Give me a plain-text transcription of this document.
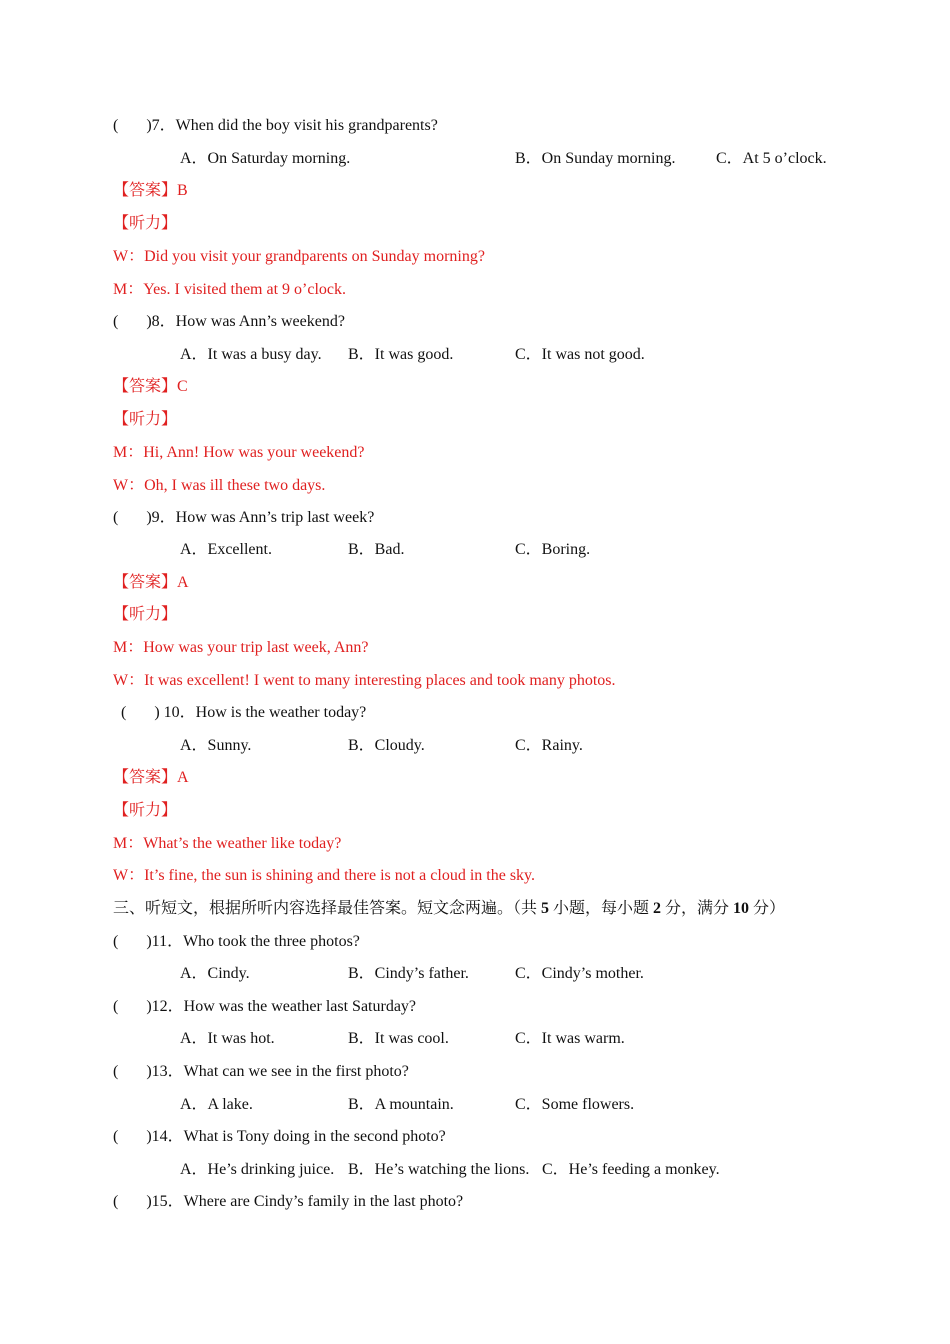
(       )7．When did the boy visit his grandparents?
A．On Saturday morning.	B．On Sunday morning.	C．At 5 o’clock.
【答案】B
【听力】
W：Did you visit your grandparents on Sunday morning?
M：Yes. I visited them at 9 o’clock.
(       )8．How was Ann’s weekend?
A．It was a busy day. B．It was good.	C．It was not good.
【答案】C
【听力】
M：Hi, Ann! How was your weekend?
W：Oh, I was ill these two days.
(       )9．How was Ann’s trip last week?
A．Excellent.	B．Bad.	C．Boring.
【答案】A
【听力】
M：How was your trip last week, Ann?
W：It was excellent! I went to many interesting places and took many photos.
(       ) 10．How is the weather today?
A．Sunny.	B．Cloudy.	C．Rainy.
【答案】A
【听力】
M：What’s the weather like today?
W：It’s fine, the sun is shining and there is not a cloud in the sky.
三、听短文，根据所听内容选择最佳答案。短文念两遍。（共 5 小题，每小题 2 分，满分 10 分）
(       )11．Who took the three photos?
A．Cindy.	B．Cindy’s father.	C．Cindy’s mother.
(       )12．How was the weather last Saturday?
A．It was hot.	B．It was cool.	C．It was warm.
(       )13．What can we see in the first photo?
A．A lake.	B．A mountain.	C．Some flowers.
(       )14．What is Tony doing in the second photo?
A．He’s drinking juice. B．He’s watching the lions. C．He’s feeding a monkey.
(       )15．Where are Cindy’s family in the last photo?
